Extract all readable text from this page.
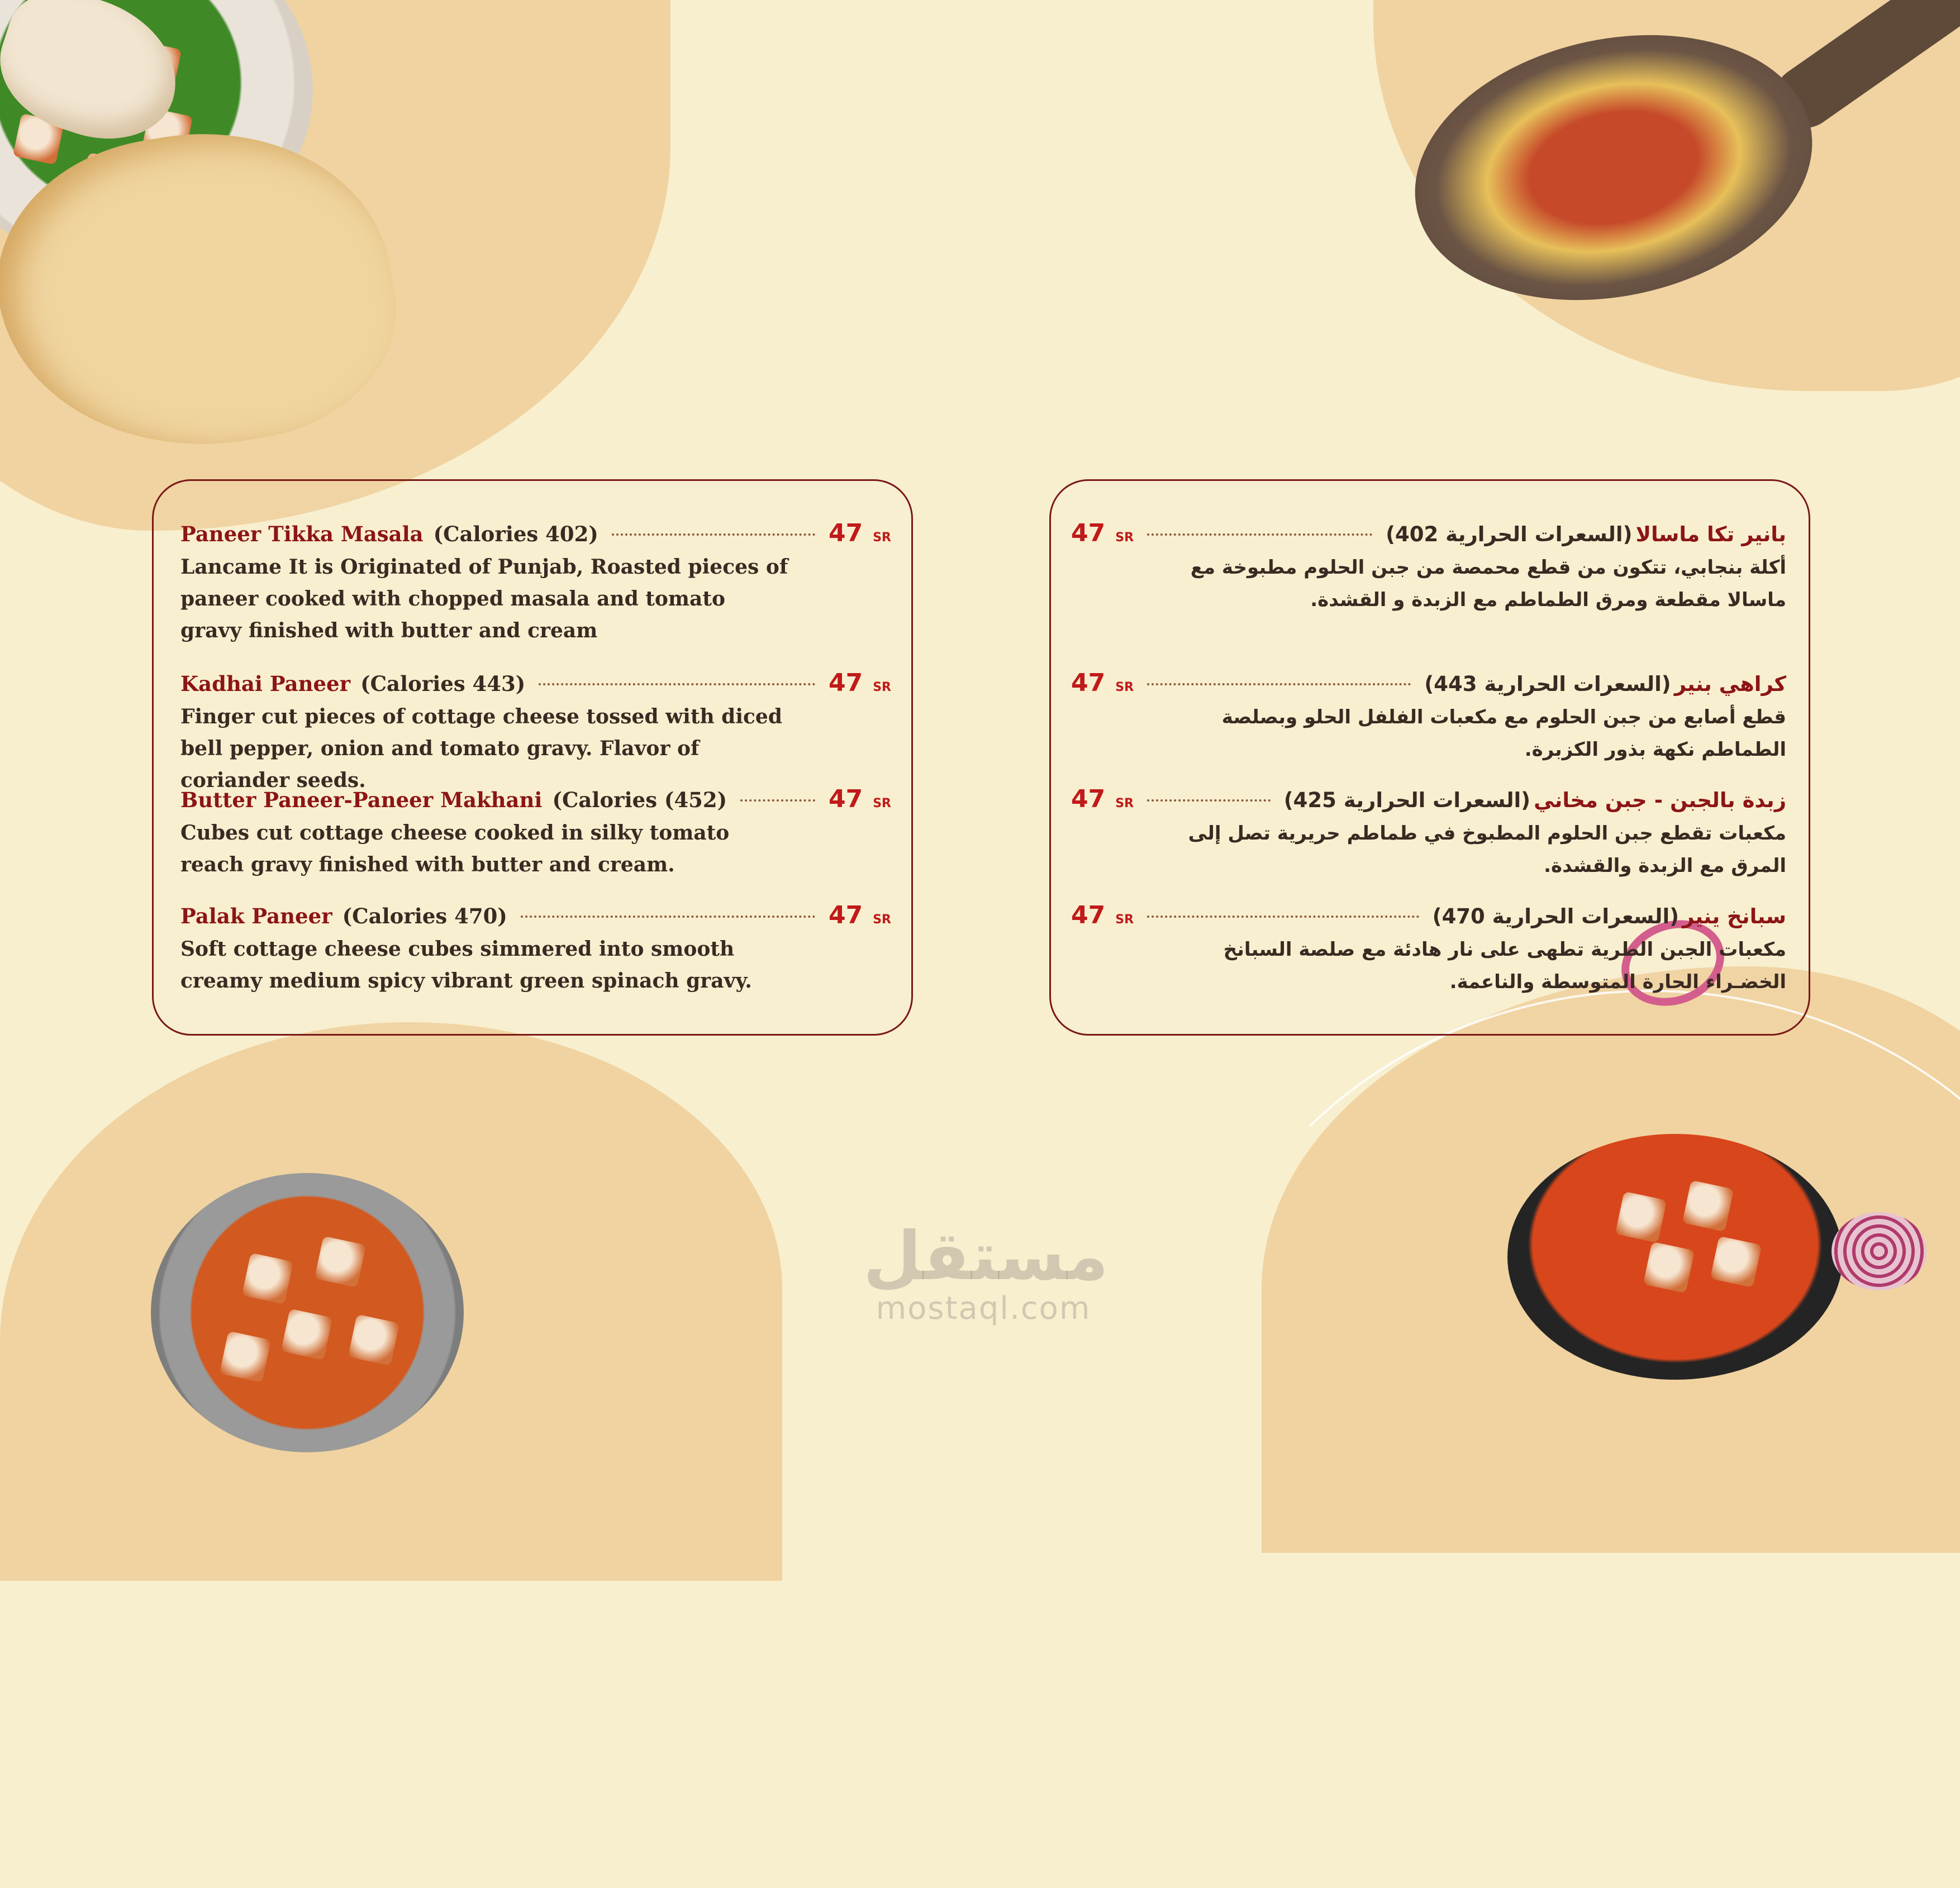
Paneer Tikka Masala (Calories 402)	47 SR
Lancame It is Originated of Punjab, Roasted pieces of paneer cooked with chopped masala and tomato gravy finished with butter and cream
Kadhai Paneer (Calories 443)	47 SR
Finger cut pieces of cottage cheese tossed with diced bell pepper, onion and tomato gravy. Flavor of coriander seeds.
Butter Paneer-Paneer Makhani (Calories (452)	47 SR
Cubes cut cottage cheese cooked in silky tomato reach gravy finished with butter and cream.
Palak Paneer (Calories 470)	47 SR
Soft cottage cheese cubes simmered into smooth creamy medium spicy vibrant green spinach gravy.
بانير تكا ماسالا
(السعرات الحرارية 402)
47 SR
أكلة بنجابي، تتكون من قطع محمصة من جبن الحلوم مطبوخة مع ماسالا مقطعة ومرق الطماطم مع الزبدة و القشدة.
كراهي بنير
(السعرات الحرارية 443)
47 SR
قطع أصابع من جبن الحلوم مع مكعبات الفلفل الحلو وبصلصة الطماطم نكهة بذور الكزبرة.
زبدة بالجبن - جبن مخاني
(السعرات الحرارية 425)
47 SR
مكعبات تقطع جبن الحلوم المطبوخ في طماطم حريرية تصل إلى المرق مع الزبدة والقشدة.
سبانخ ينير
(السعرات الحرارية 470)
47 SR
مكعبات الجبن الطرية تطهى على نار هادئة مع صلصة السبانخ الخضـراء الحارة المتوسطة والناعمة.
مستقل
mostaql.com
